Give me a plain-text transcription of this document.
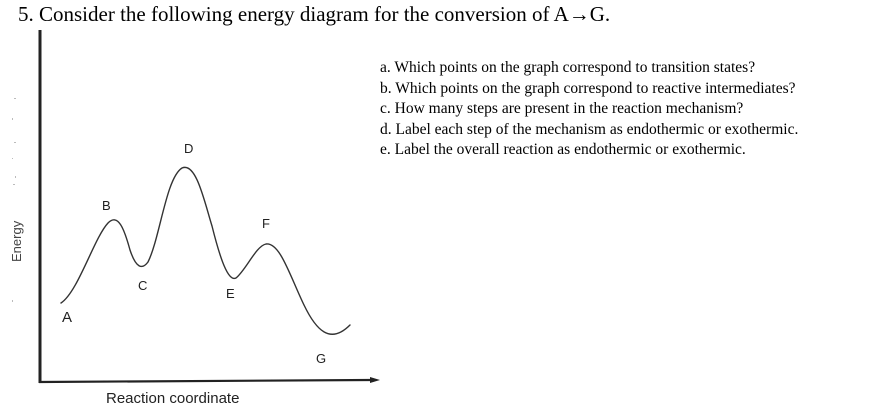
5. Consider the following energy diagram for the conversion of A→G.
a. Which points on the graph correspond to transition states?
b. Which points on the graph correspond to reactive intermediates?
c. How many steps are present in the reaction mechanism?
d. Label each step of the mechanism as endothermic or exothermic.
e. Label the overall reaction as endothermic or exothermic.
A
B
C
D
E
F
G
Energy
Reaction coordinate
